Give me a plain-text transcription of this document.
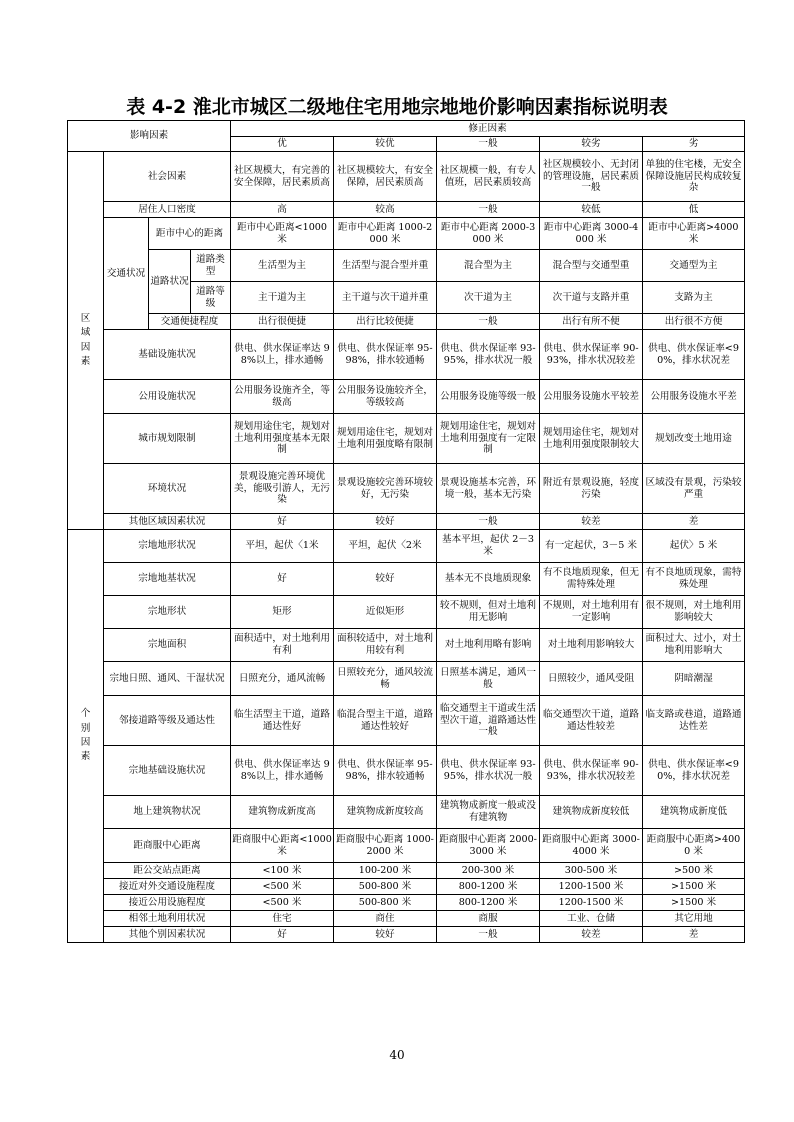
表 4-2 淮北市城区二级地住宅用地宗地地价影响因素指标说明表
影响因素				修正因素				
				优	较优	一般	较劣	劣

区
域
因
素	社会因素			社区规模大，有完善的安全保障，居民素质高	社区规模较大，有安全保障，居民素质高	社区规模一般，有专人值班，居民素质较高	社区规模较小、无封闭的管理设施，居民素质一般	单独的住宅楼，无安全保障设施居民构成较复杂
	居住人口密度			高	较高	一般	较低	低
	交通状况	距市中心的距离		距市中心距离<1000 米	距市中心距离 1000-2000 米	距市中心距离 2000-3000 米	距市中心距离 3000-4000 米	距市中心距离>4000 米
		道路状况	道路类型	生活型为主	生活型与混合型并重	混合型为主	混合型与交通型重	交通型为主
			道路等级	主干道为主	主干道与次干道并重	次干道为主	次干道与支路并重	支路为主
		交通便捷程度		出行很便捷	出行比较便捷	一般	出行有所不便	出行很不方便
	基础设施状况			供电、供水保证率达 98%以上，排水通畅	供电、供水保证率 95-98%，排水较通畅	供电、供水保证率 93-95%，排水状况一般	供电、供水保证率 90-93%，排水状况较差	供电、供水保证率<90%，排水状况差
	公用设施状况			公用服务设施齐全，等级高	公用服务设施较齐全，等级较高	公用服务设施等级一般	公用服务设施水平较差	公用服务设施水平差
	城市规划限制			规划用途住宅，规划对土地利用强度基本无限制	规划用途住宅，规划对土地利用强度略有限制	规划用途住宅，规划对土地利用强度有一定限制	规划用途住宅，规划对土地利用强度限制较大	规划改变土地用途
	环境状况			景观设施完善环境优美，能吸引游人，无污染	景观设施较完善环境较好，无污染	景观设施基本完善，环境一般，基本无污染	附近有景观设施，轻度污染	区域没有景观，污染较严重
	其他区域因素状况			好	较好	一般	较差	差

个
别
因
素	宗地地形状况			平坦，起伏〈1米	平坦，起伏〈2米	基本平坦，起伏 2－3 米	有一定起伏，3－5 米	起伏〉5 米
	宗地地基状况			好	较好	基本无不良地质现象	有不良地质现象，但无需特殊处理	有不良地质现象，需特殊处理
	宗地形状			矩形	近似矩形	较不规则，但对土地利用无影响	不规则，对土地利用有一定影响	很不规则，对土地利用影响较大
	宗地面积			面积适中，对土地利用有利	面积较适中，对土地利用较有利	对土地利用略有影响	对土地利用影响较大	面积过大、过小，对土地利用影响大
	宗地日照、通风、干湿状况			日照充分，通风流畅	日照较充分，通风较流畅	日照基本满足，通风一般	日照较少，通风受阻	阴暗潮湿
	邻接道路等级及通达性			临生活型主干道，道路通达性好	临混合型主干道，道路通达性较好	临交通型主干道或生活型次干道，道路通达性一般	临交通型次干道，道路通达性较差	临支路或巷道，道路通达性差
	宗地基础设施状况			供电、供水保证率达 98%以上，排水通畅	供电、供水保证率 95-98%，排水较通畅	供电、供水保证率 93-95%，排水状况一般	供电、供水保证率 90-93%，排水状况较差	供电、供水保证率<90%，排水状况差
	地上建筑物状况			建筑物成新度高	建筑物成新度较高	建筑物成新度一般或没有建筑物	建筑物成新度较低	建筑物成新度低
	距商服中心距离			距商服中心距离<1000 米	距商服中心距离 1000-2000 米	距商服中心距离 2000-3000 米	距商服中心距离 3000-4000 米	距商服中心距离>4000 米
	距公交站点距离			<100 米	100-200 米	200-300 米	300-500 米	>500 米
	接近对外交通设施程度			<500 米	500-800 米	800-1200 米	1200-1500 米	>1500 米
	接近公用设施程度			<500 米	500-800 米	800-1200 米	1200-1500 米	>1500 米
	相邻土地利用状况			住宅	商住	商服	工业、仓储	其它用地
	其他个别因素状况			好	较好	一般	较差	差
40
